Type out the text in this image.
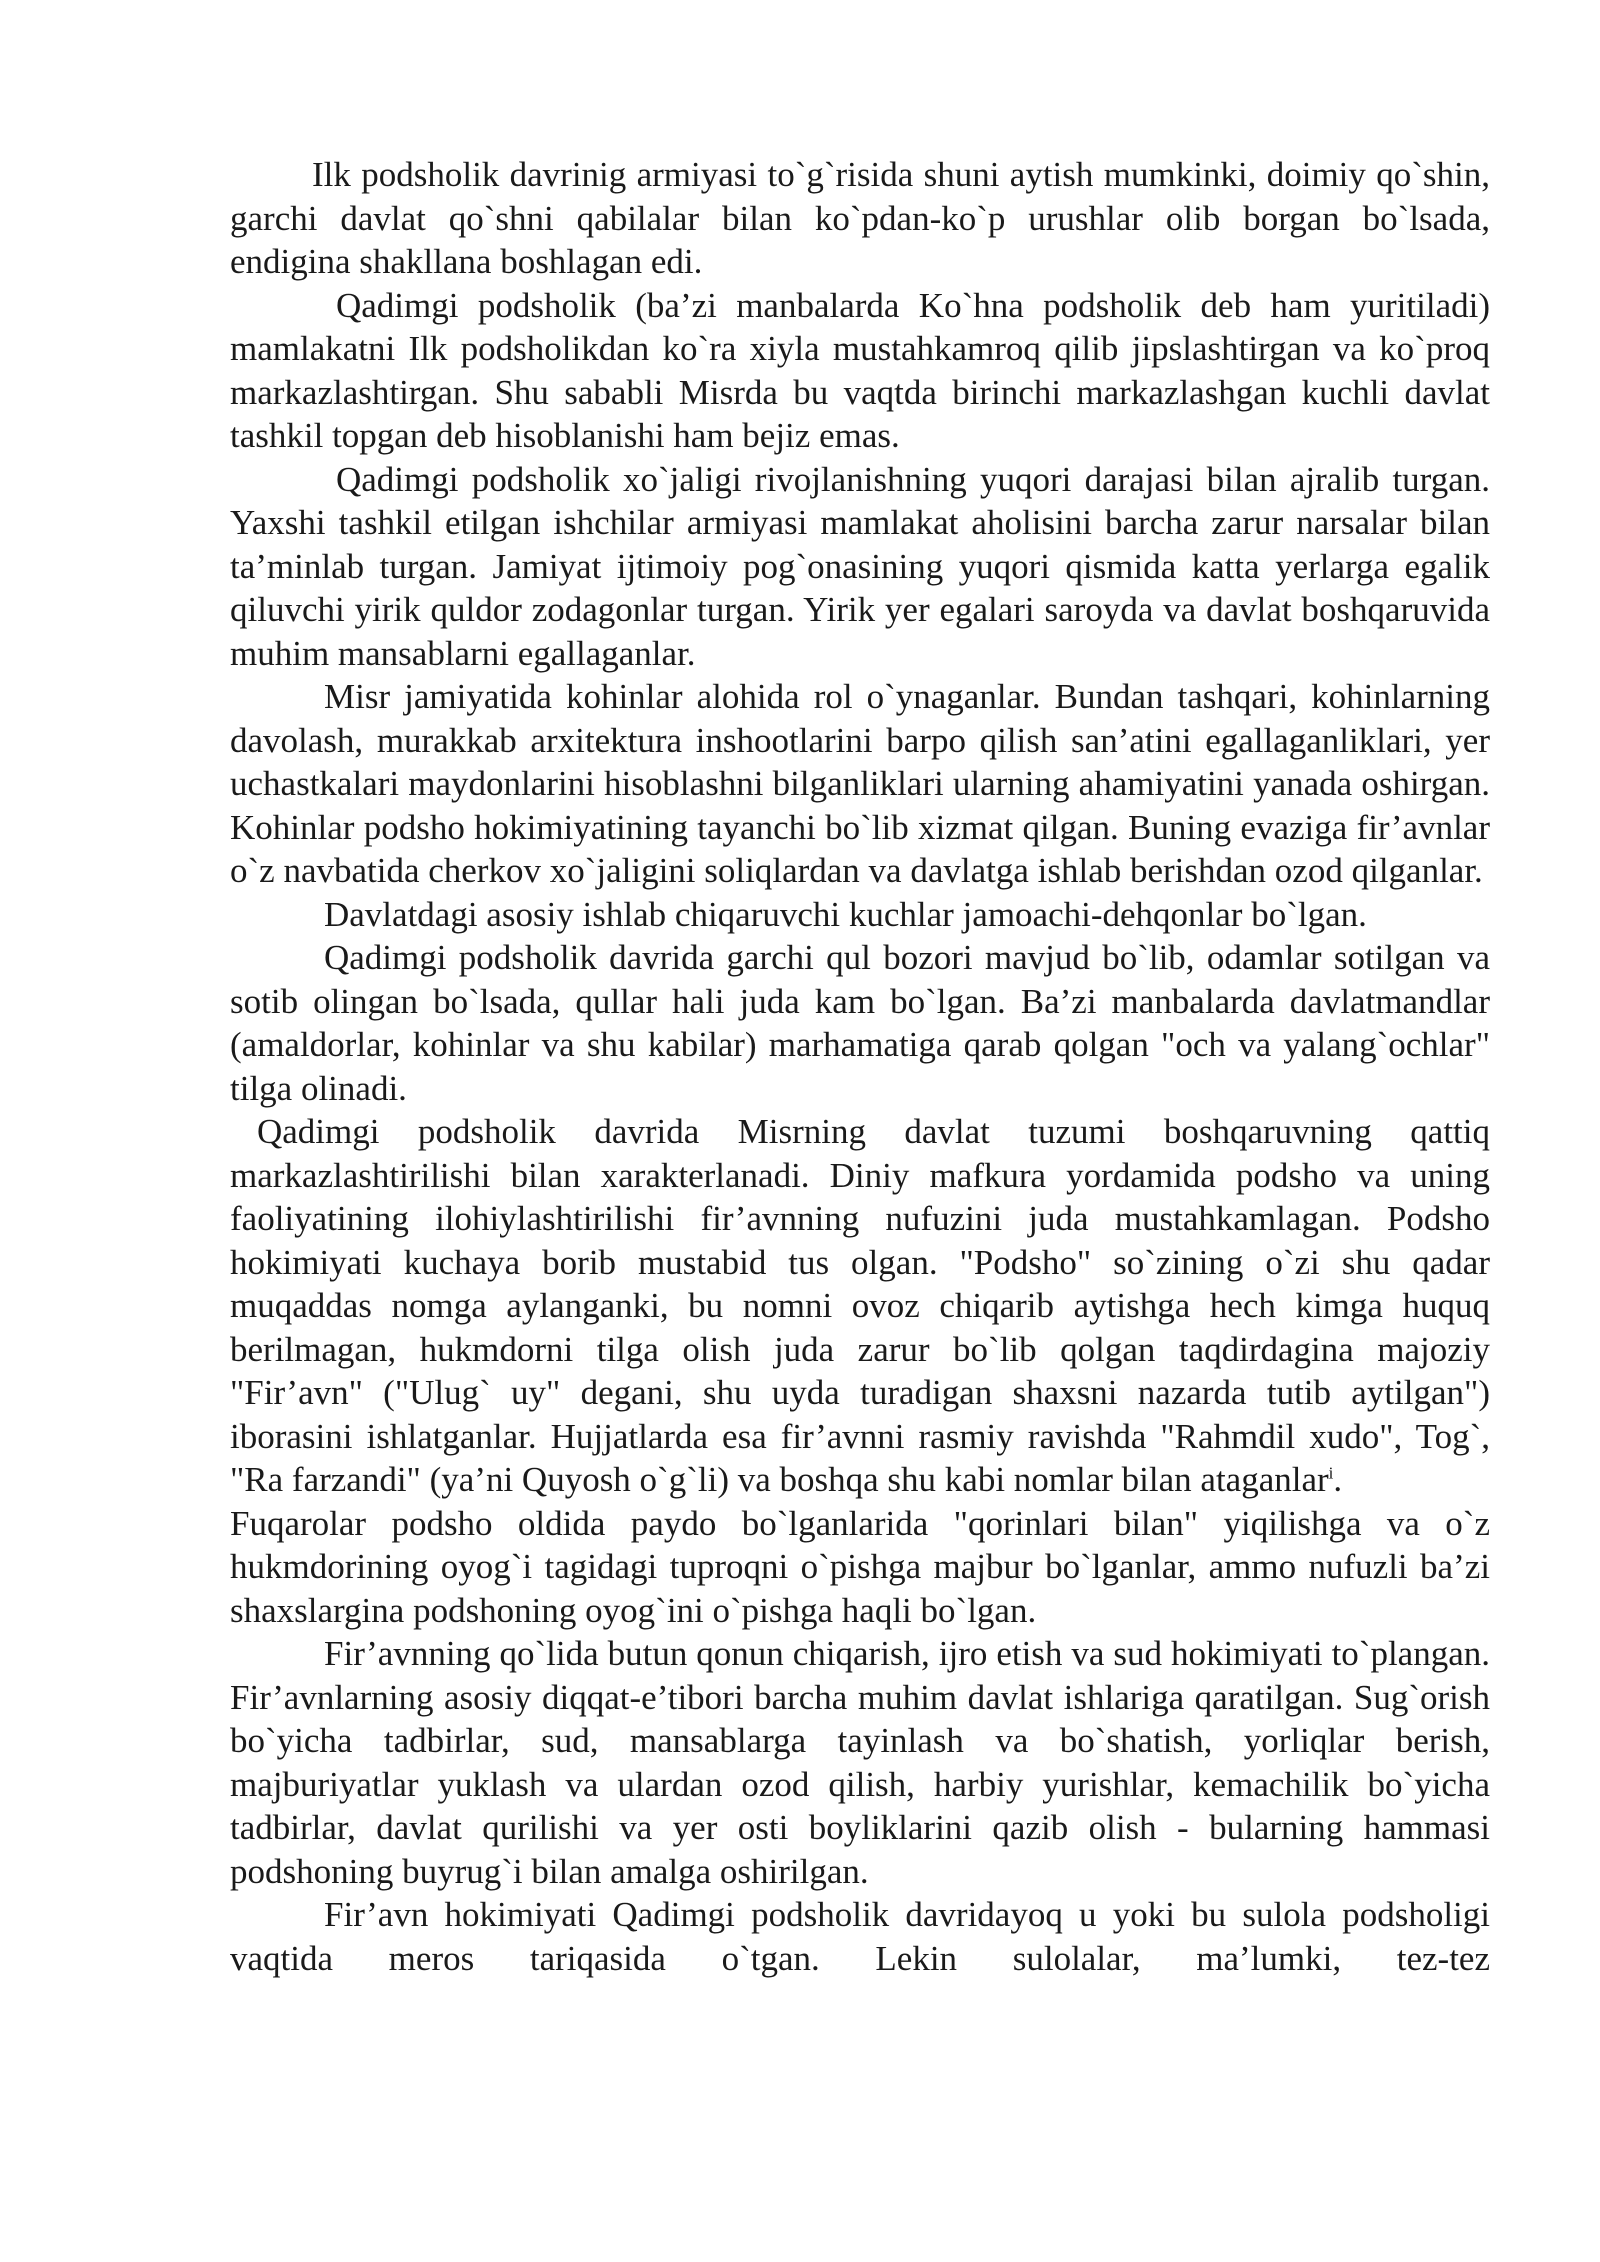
Ilk podsholik davrinig armiyasi to`g`risida shuni aytish mumkinki, doimiy qo`shin, garchi davlat qo`shni qabilalar bilan ko`pdan-ko`p urushlar olib borgan bo`lsada, endigina shakllana boshlagan edi.

Qadimgi podsholik (ba’zi manbalarda Ko`hna podsholik deb ham yuritiladi) mamlakatni Ilk podsholikdan ko`ra xiyla mustahkamroq qilib jipslashtirgan va ko`proq markazlashtirgan. Shu sababli Misrda bu vaqtda birinchi markazlashgan kuchli davlat tashkil topgan deb hisoblanishi ham bejiz emas.

Qadimgi podsholik xo`jaligi rivojlanishning yuqori darajasi bilan ajralib turgan. Yaxshi tashkil etilgan ishchilar armiyasi mamlakat aholisini barcha zarur narsalar bilan ta’minlab turgan. Jamiyat ijtimoiy pog`onasining yuqori qismida katta yerlarga egalik qiluvchi yirik quldor zodagonlar turgan. Yirik yer egalari saroyda va davlat boshqaruvida muhim mansablarni egallaganlar.

Misr jamiyatida kohinlar alohida rol o`ynaganlar. Bundan tashqari, kohinlarning davolash, murakkab arxitektura inshootlarini barpo qilish san’atini egallaganliklari, yer uchastkalari maydonlarini hisoblashni bilganliklari ularning ahamiyatini yanada oshirgan. Kohinlar podsho hokimiyatining tayanchi bo`lib xizmat qilgan. Buning evaziga fir’avnlar o`z navbatida cherkov xo`jaligini soliqlardan va davlatga ishlab berishdan ozod qilganlar.

Davlatdagi asosiy ishlab chiqaruvchi kuchlar jamoachi-dehqonlar bo`lgan.

Qadimgi podsholik davrida garchi qul bozori mavjud bo`lib, odamlar sotilgan va sotib olingan bo`lsada, qullar hali juda kam bo`lgan. Ba’zi manbalarda davlatmandlar (amaldorlar, kohinlar va shu kabilar) marhamatiga qarab qolgan "och va yalang`ochlar" tilga olinadi.

Qadimgi podsholik davrida Misrning davlat tuzumi boshqaruvning qattiq markazlashtirilishi bilan xarakterlanadi. Diniy mafkura yordamida podsho va uning faoliyatining ilohiylashtirilishi fir’avnning nufuzini juda mustahkamlagan. Podsho hokimiyati kuchaya borib mustabid tus olgan. "Podsho" so`zining o`zi shu qadar muqaddas nomga aylanganki, bu nomni ovoz chiqarib aytishga hech kimga huquq berilmagan, hukmdorni tilga olish juda zarur bo`lib qolgan taqdirdagina majoziy "Fir’avn" ("Ulug` uy" degani, shu uyda turadigan shaxsni nazarda tutib aytilgan") iborasini ishlatganlar. Hujjatlarda esa fir’avnni rasmiy ravishda "Rahmdil xudo", Tog`, "Ra farzandi" (ya’ni Quyosh o`g`li) va boshqa shu kabi nomlar bilan ataganlar$^i$.

Fuqarolar podsho oldida paydo bo`lganlarida "qorinlari bilan" yiqilishga va o`z hukmdorining oyog`i tagidagi tuproqni o`pishga majbur bo`lganlar, ammo nufuzli ba’zi shaxslargina podshoning oyog`ini o`pishga haqli bo`lgan.

Fir’avnning qo`lida butun qonun chiqarish, ijro etish va sud hokimiyati to`plangan. Fir’avnlarning asosiy diqqat-e’tibori barcha muhim davlat ishlariga qaratilgan. Sug`orish bo`yicha tadbirlar, sud, mansablarga tayinlash va bo`shatish, yorliqlar berish, majburiyatlar yuklash va ulardan ozod qilish, harbiy yurishlar, kemachilik bo`yicha tadbirlar, davlat qurilishi va yer osti boyliklarini qazib olish - bularning hammasi podshoning buyrug`i bilan amalga oshirilgan.

Fir’avn hokimiyati Qadimgi podsholik davridayoq u yoki bu sulola podsholigi vaqtida meros tariqasida o`tgan. Lekin sulolalar, ma’lumki, tez-tez
